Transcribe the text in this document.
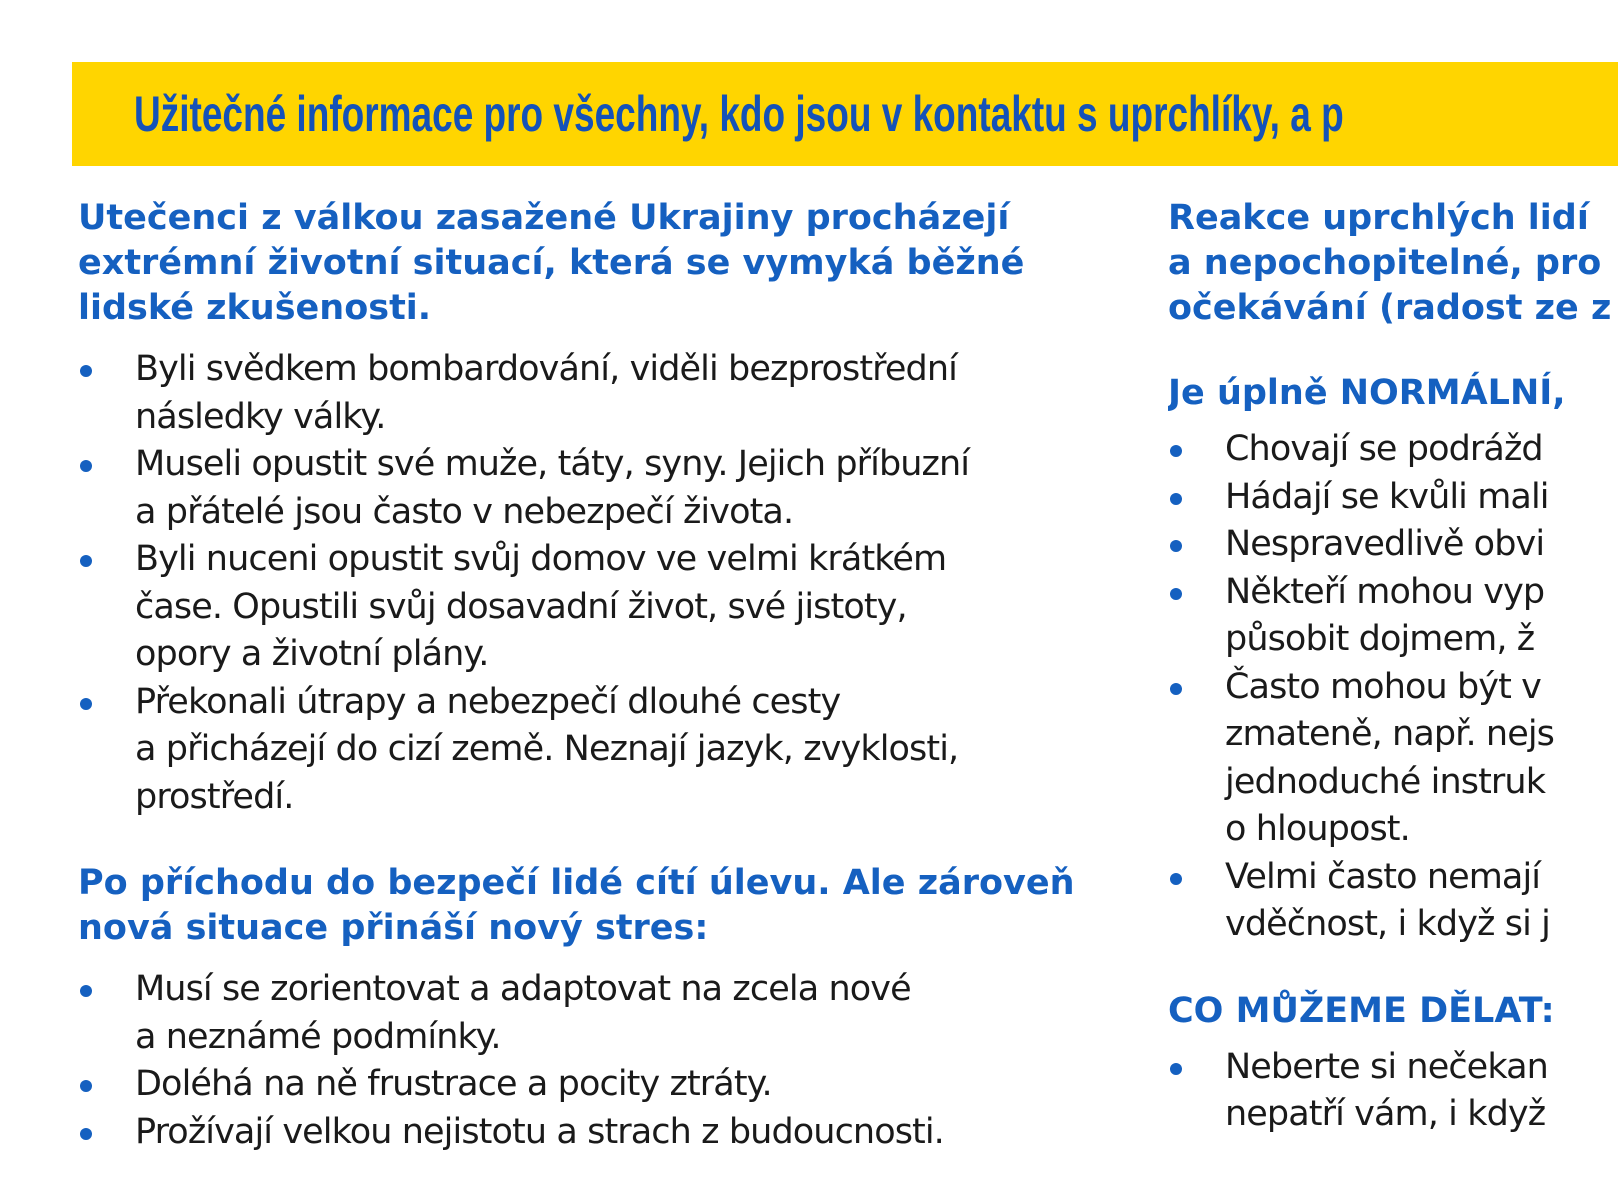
Užitečné informace pro všechny, kdo jsou v kontaktu s uprchlíky, a p
Utečenci z válkou zasažené Ukrajiny procházejí
extrémní životní situací, která se vymyká běžné
lidské zkušenosti.
Byli svědkem bombardování, viděli bezprostřední
následky války.
Museli opustit své muže, táty, syny. Jejich příbuzní
a přátelé jsou často v nebezpečí života.
Byli nuceni opustit svůj domov ve velmi krátkém
čase. Opustili svůj dosavadní život, své jistoty,
opory a životní plány.
Překonali útrapy a nebezpečí dlouhé cesty
a přicházejí do cizí země. Neznají jazyk, zvyklosti,
prostředí.
Po příchodu do bezpečí lidé cítí úlevu. Ale zároveň
nová situace přináší nový stres:
Musí se zorientovat a adaptovat na zcela nové
a neznámé podmínky.
Doléhá na ně frustrace a pocity ztráty.
Prožívají velkou nejistotu a strach z budoucnosti.
Reakce uprchlých lidí
a nepochopitelné, pro
očekávání (radost ze z
Je úplně NORMÁLNÍ,
Chovají se podrážd
Hádají se kvůli mali
Nespravedlivě obvi
Někteří mohou vyp
působit dojmem, ž
Často mohou být v
zmateně, např. nejs
jednoduché instruk
o hloupost.
Velmi často nemají
vděčnost, i když si j
CO MŮŽEME DĚLAT:
Neberte si nečekan
nepatří vám, i když
